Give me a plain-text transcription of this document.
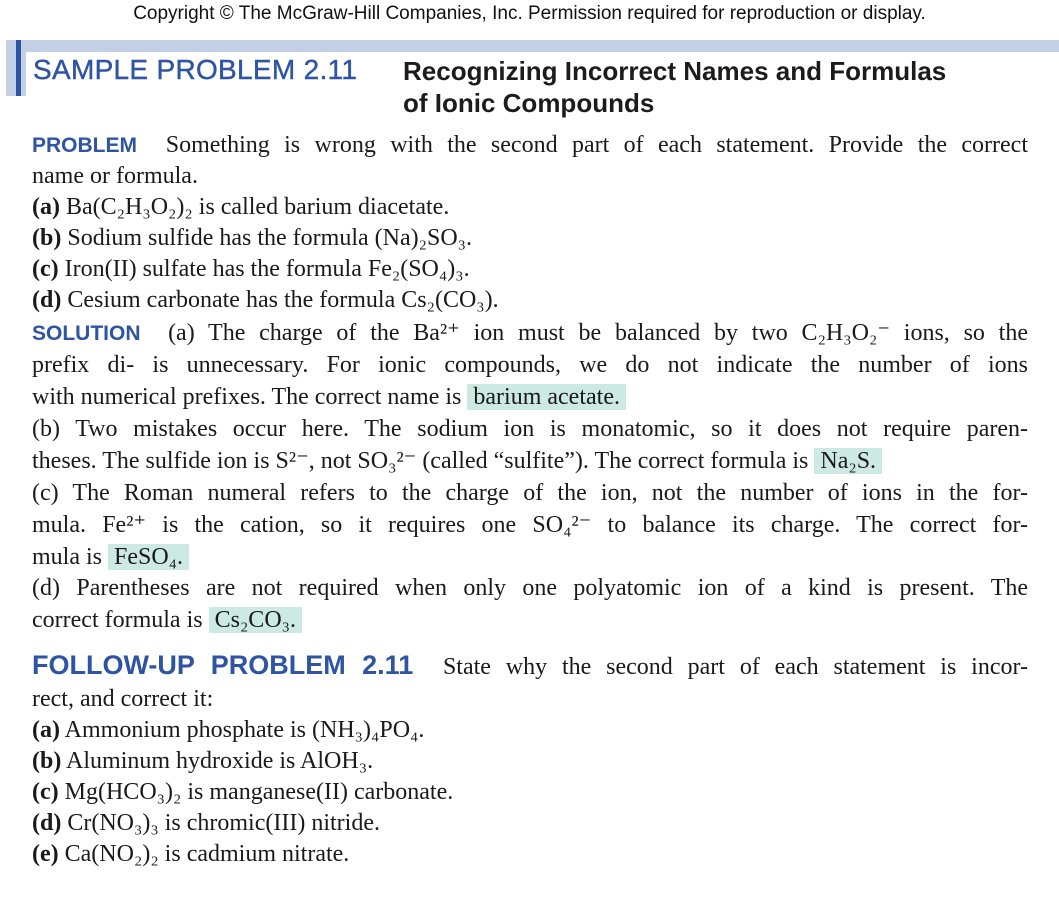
Copyright © The McGraw-Hill Companies, Inc. Permission required for reproduction or display.
SAMPLE PROBLEM 2.11 Recognizing Incorrect Names and Formulas
of Ionic Compounds
PROBLEM Something is wrong with the second part of each statement. Provide the correct
name or formula.
(a) Ba(C₂H₃O₂)₂ is called barium diacetate.
(b) Sodium sulfide has the formula (Na)₂SO₃.
(c) Iron(II) sulfate has the formula Fe₂(SO₄)₃.
(d) Cesium carbonate has the formula Cs₂(CO₃).
SOLUTION (a) The charge of the Ba²⁺ ion must be balanced by two C₂H₃O₂⁻ ions, so the
prefix di- is unnecessary. For ionic compounds, we do not indicate the number of ions
with numerical prefixes. The correct name is barium acetate.
(b) Two mistakes occur here. The sodium ion is monatomic, so it does not require paren-
theses. The sulfide ion is S²⁻, not SO₃²⁻ (called “sulfite”). The correct formula is Na₂S.
(c) The Roman numeral refers to the charge of the ion, not the number of ions in the for-
mula. Fe²⁺ is the cation, so it requires one SO₄²⁻ to balance its charge. The correct for-
mula is FeSO₄.
(d) Parentheses are not required when only one polyatomic ion of a kind is present. The
correct formula is Cs₂CO₃.
FOLLOW-UP PROBLEM 2.11 State why the second part of each statement is incor-
rect, and correct it:
(a) Ammonium phosphate is (NH₃)₄PO₄.
(b) Aluminum hydroxide is AlOH₃.
(c) Mg(HCO₃)₂ is manganese(II) carbonate.
(d) Cr(NO₃)₃ is chromic(III) nitride.
(e) Ca(NO₂)₂ is cadmium nitrate.
